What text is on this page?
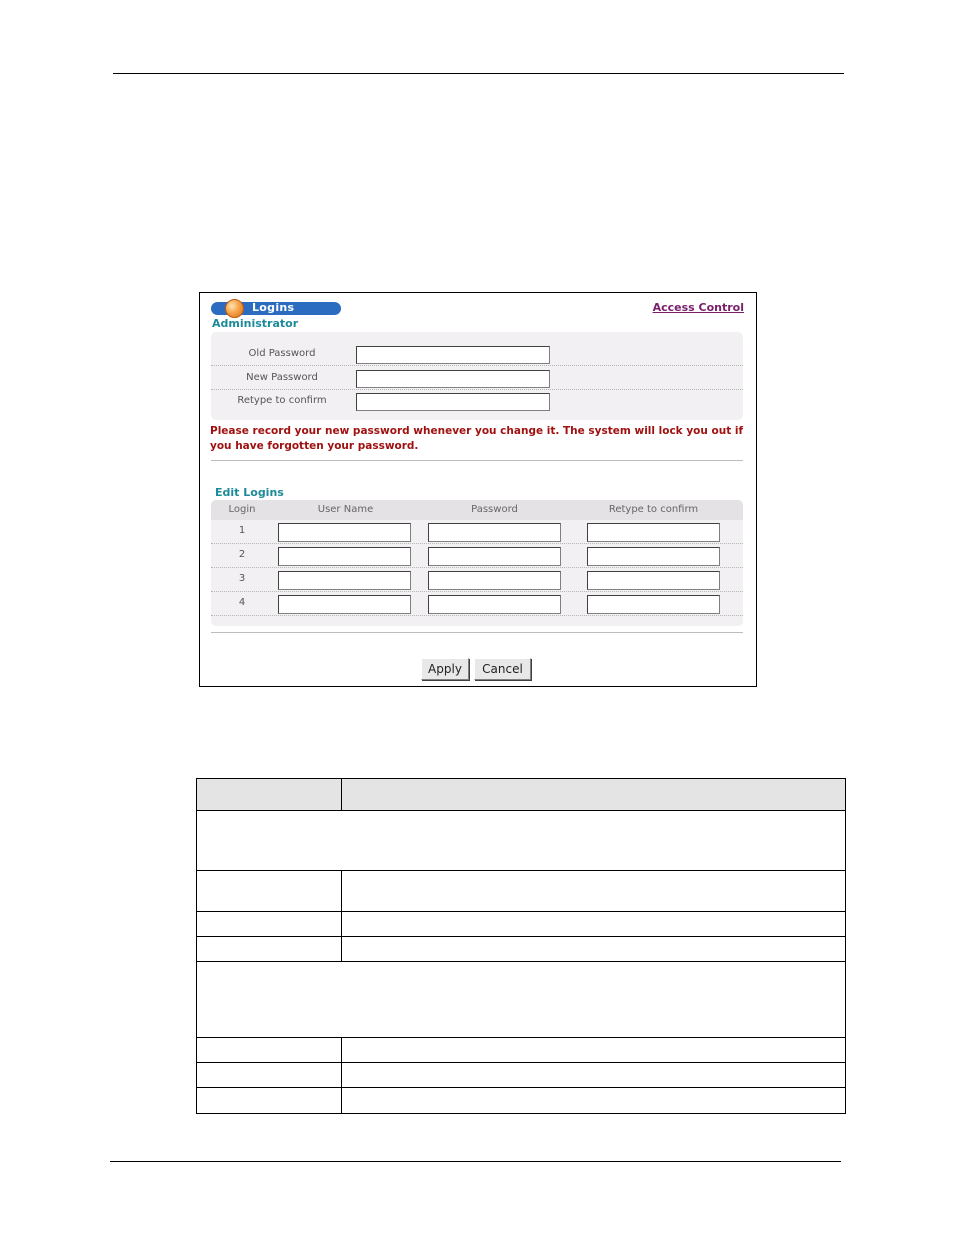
Logins	Access Control
Administrator
Old Password
New Password
Retype to confirm
Please record your new password whenever you change it. The system will lock you out if you have forgotten your password.
Edit Logins
Login	User Name	Password	Retype to confirm
1
2
3
4
Apply	Cancel
